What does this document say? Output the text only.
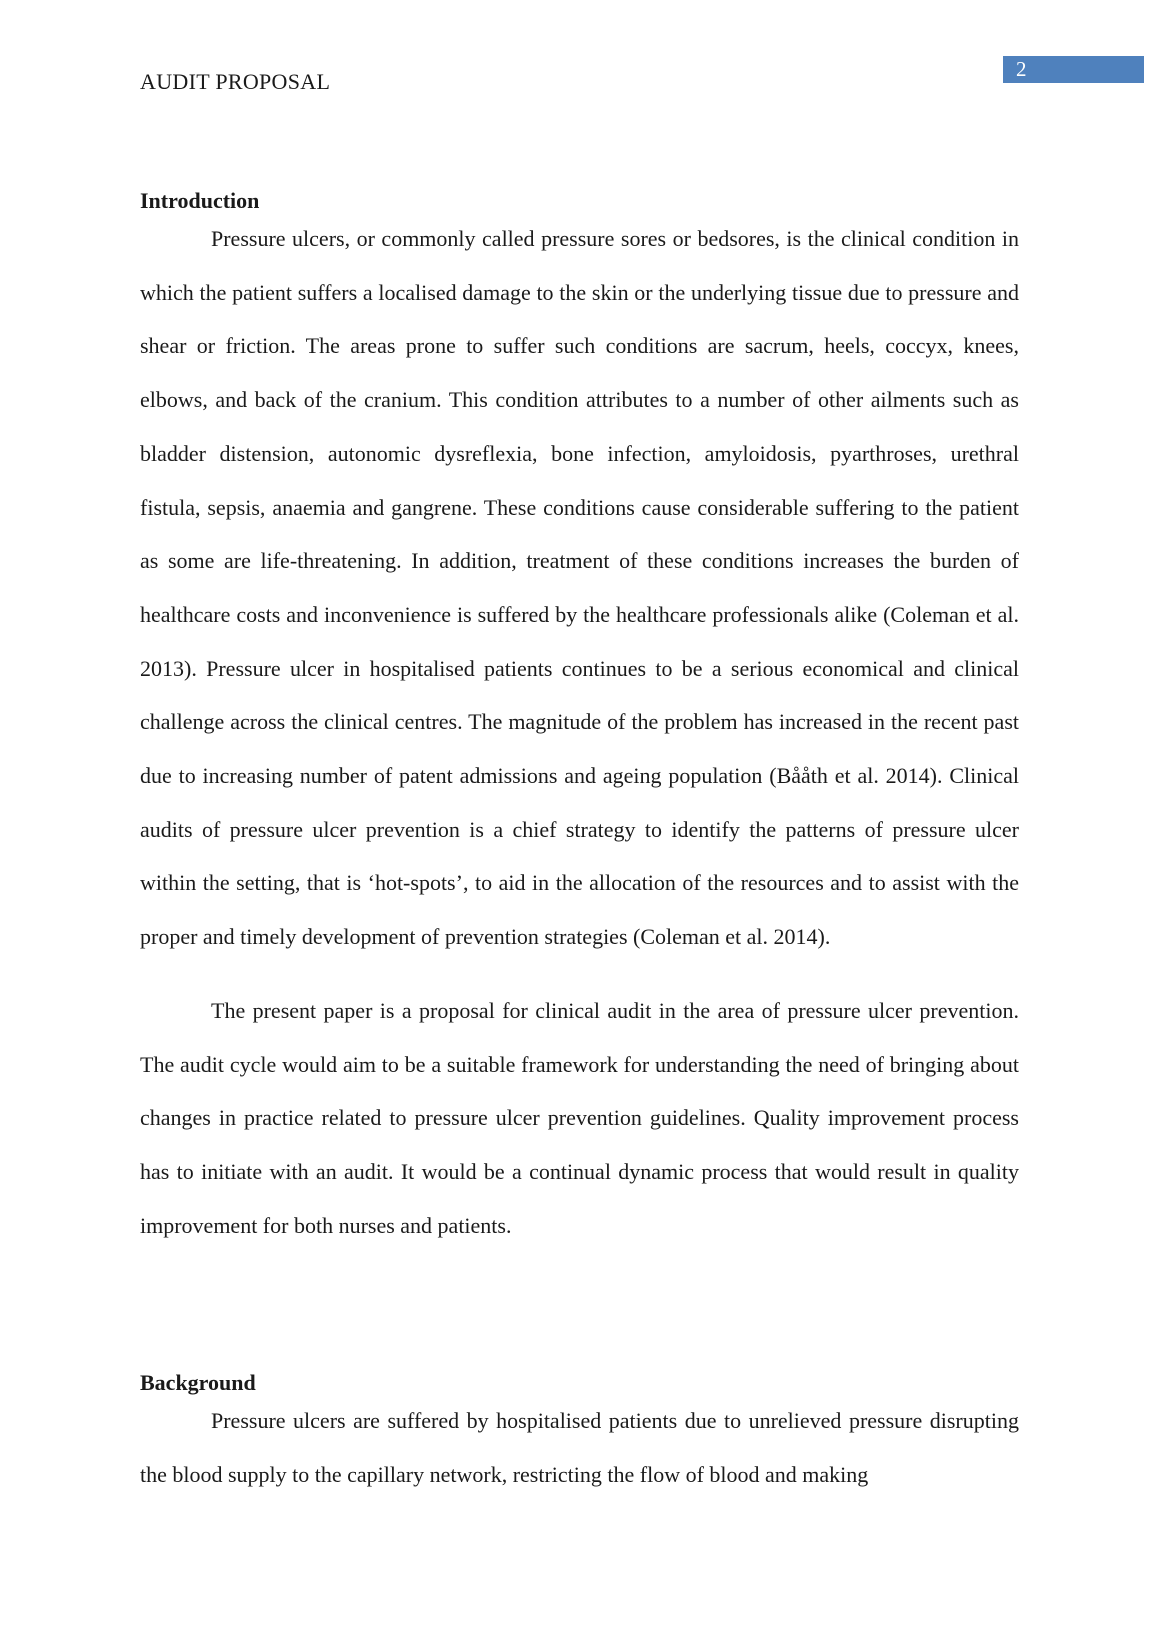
2
AUDIT PROPOSAL
Introduction

Pressure ulcers, or commonly called pressure sores or bedsores, is the clinical condition in which the patient suffers a localised damage to the skin or the underlying tissue due to pressure and shear or friction. The areas prone to suffer such conditions are sacrum, heels, coccyx, knees, elbows, and back of the cranium. This condition attributes to a number of other ailments such as bladder distension, autonomic dysreflexia, bone infection, amyloidosis, pyarthroses, urethral fistula, sepsis, anaemia and gangrene. These conditions cause considerable suffering to the patient as some are life-threatening. In addition, treatment of these conditions increases the burden of healthcare costs and inconvenience is suffered by the healthcare professionals alike (Coleman et al. 2013). Pressure ulcer in hospitalised patients continues to be a serious economical and clinical challenge across the clinical centres. The magnitude of the problem has increased in the recent past due to increasing number of patent admissions and ageing population (Bååth et al. 2014). Clinical audits of pressure ulcer prevention is a chief strategy to identify the patterns of pressure ulcer within the setting, that is ‘hot-spots’, to aid in the allocation of the resources and to assist with the proper and timely development of prevention strategies (Coleman et al. 2014).

The present paper is a proposal for clinical audit in the area of pressure ulcer prevention. The audit cycle would aim to be a suitable framework for understanding the need of bringing about changes in practice related to pressure ulcer prevention guidelines. Quality improvement process has to initiate with an audit. It would be a continual dynamic process that would result in quality improvement for both nurses and patients.

Background

Pressure ulcers are suffered by hospitalised patients due to unrelieved pressure disrupting the blood supply to the capillary network, restricting the flow of blood and making
